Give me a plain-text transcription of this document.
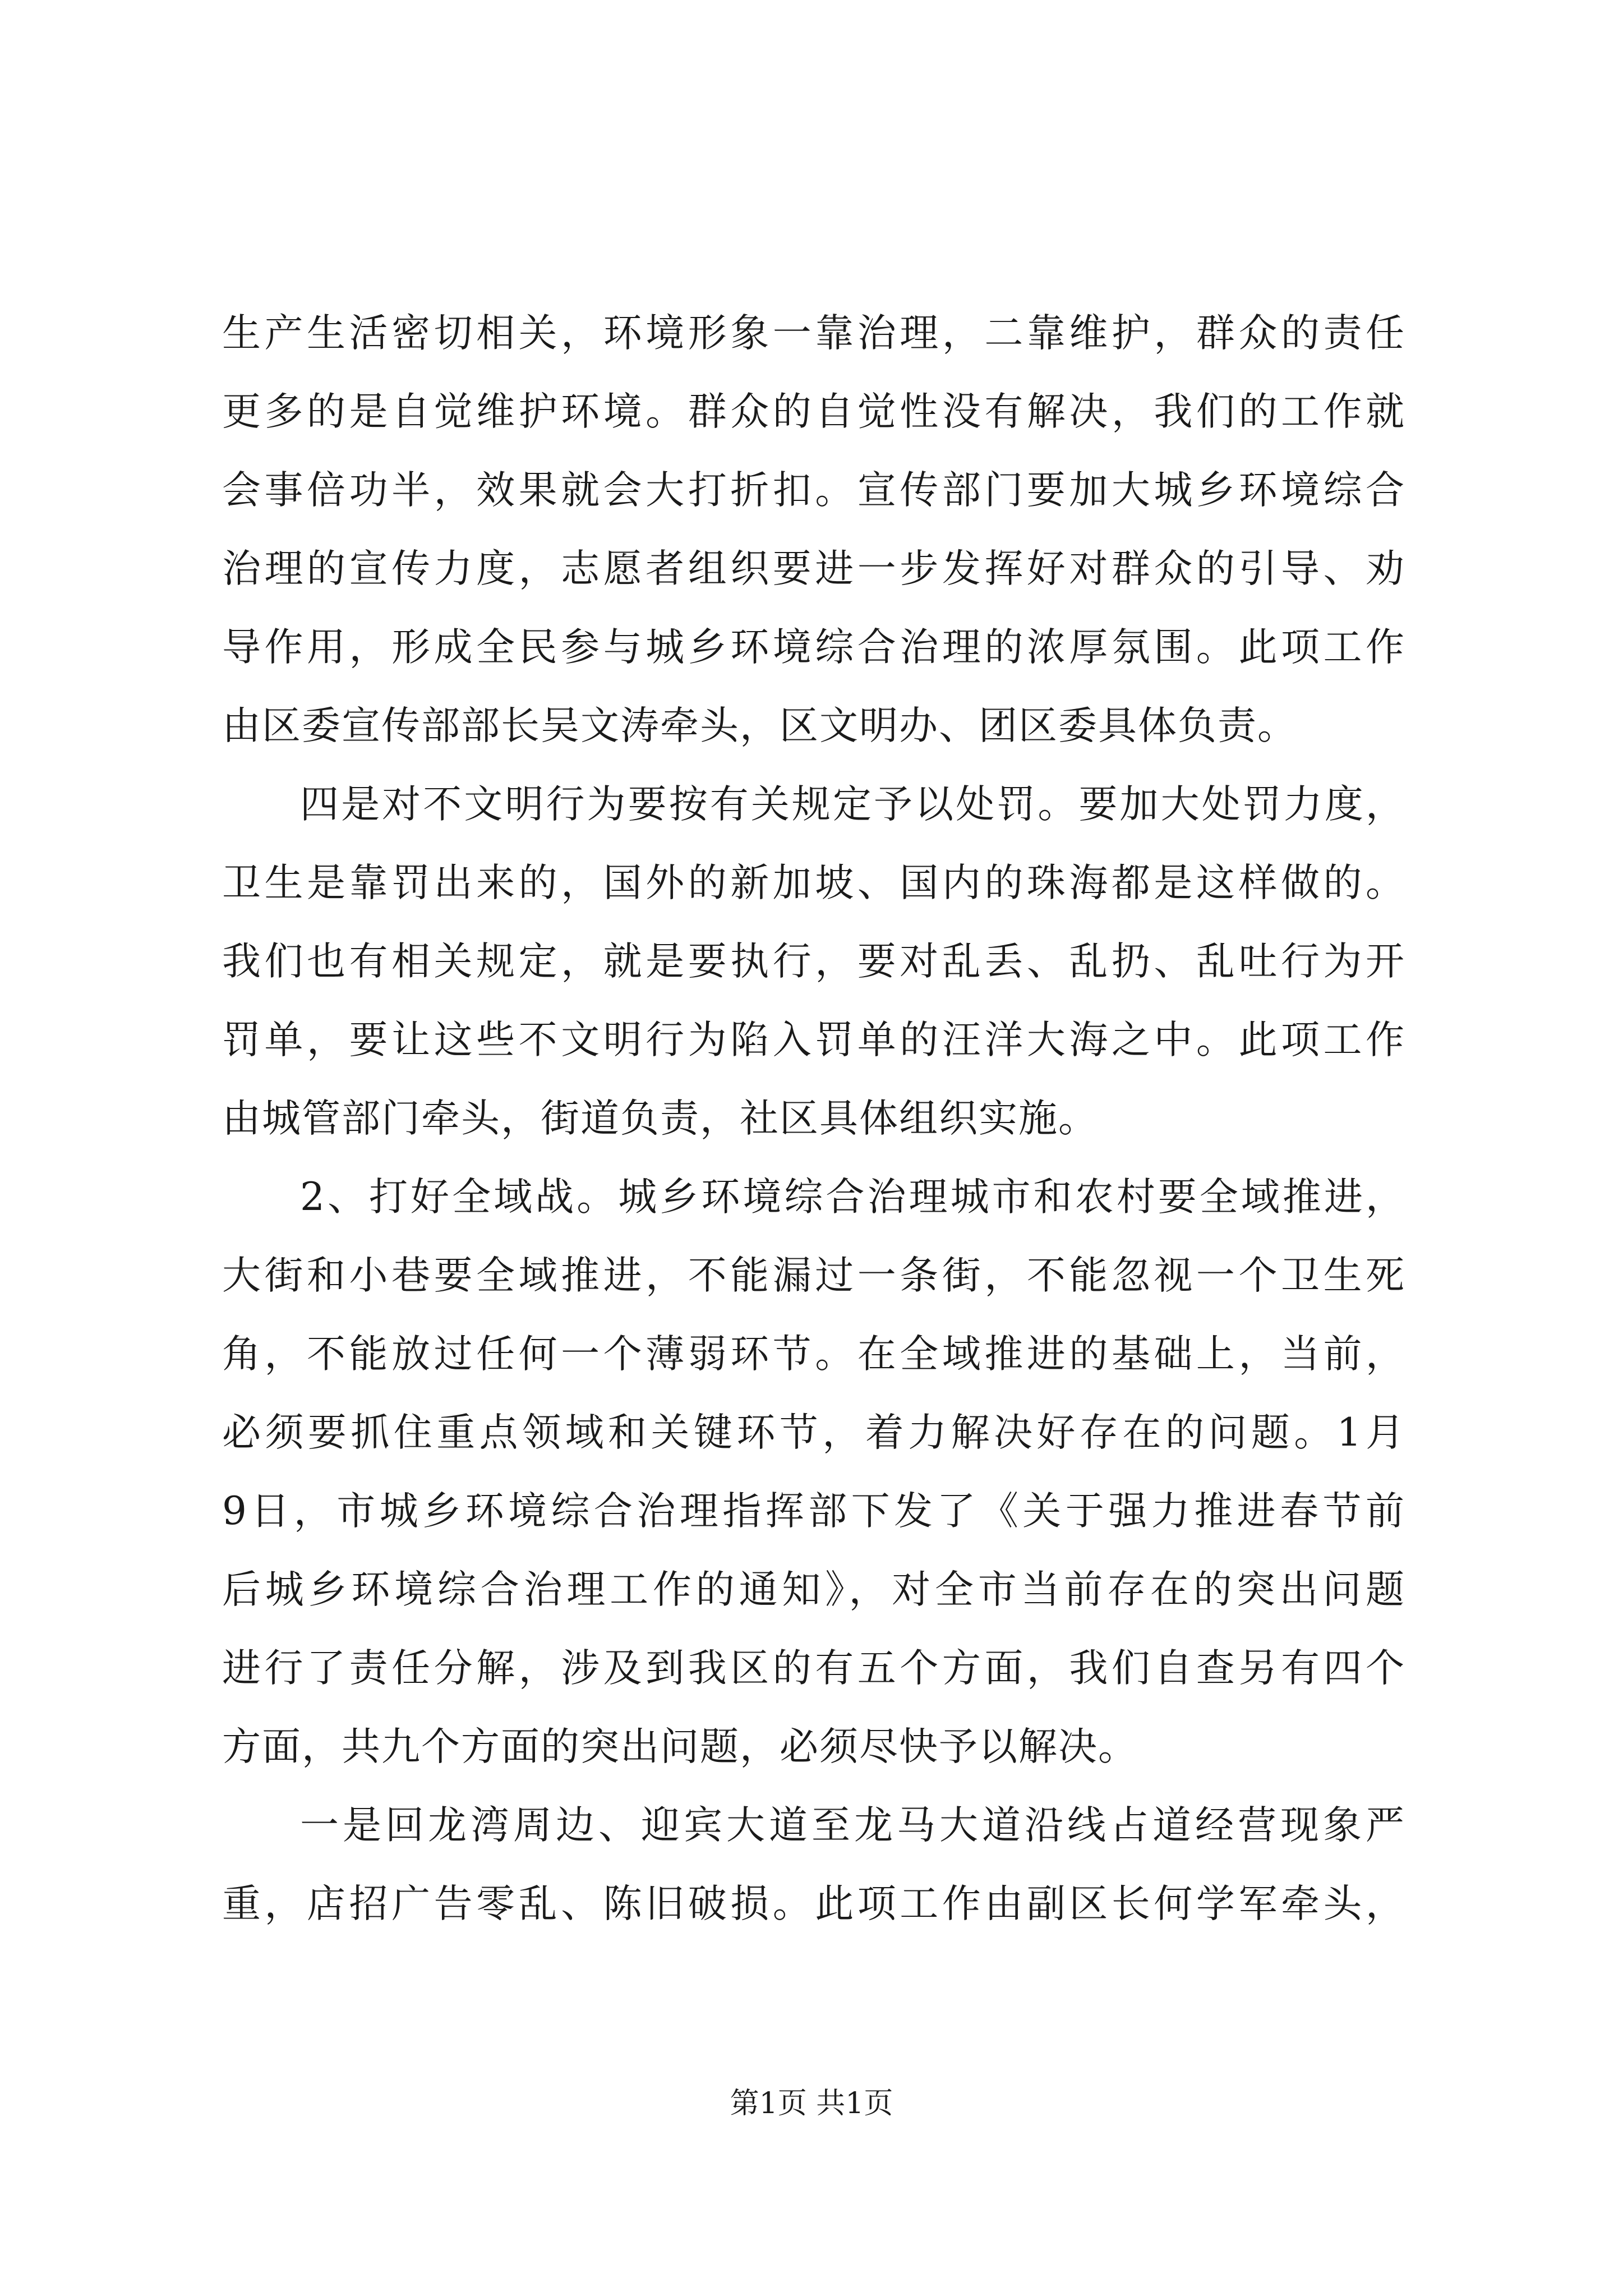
生产生活密切相关，环境形象一靠治理，二靠维护，群众的责任
更多的是自觉维护环境。群众的自觉性没有解决，我们的工作就
会事倍功半，效果就会大打折扣。宣传部门要加大城乡环境综合
治理的宣传力度，志愿者组织要进一步发挥好对群众的引导、劝
导作用，形成全民参与城乡环境综合治理的浓厚氛围。此项工作
由区委宣传部部长吴文涛牵头，区文明办、团区委具体负责。
四是对不文明行为要按有关规定予以处罚。要加大处罚力度，
卫生是靠罚出来的，国外的新加坡、国内的珠海都是这样做的。
我们也有相关规定，就是要执行，要对乱丢、乱扔、乱吐行为开
罚单，要让这些不文明行为陷入罚单的汪洋大海之中。此项工作
由城管部门牵头，街道负责，社区具体组织实施。
2、打好全域战。城乡环境综合治理城市和农村要全域推进，
大街和小巷要全域推进，不能漏过一条街，不能忽视一个卫生死
角，不能放过任何一个薄弱环节。在全域推进的基础上，当前，
必须要抓住重点领域和关键环节，着力解决好存在的问题。1月
9日，市城乡环境综合治理指挥部下发了《关于强力推进春节前
后城乡环境综合治理工作的通知》，对全市当前存在的突出问题
进行了责任分解，涉及到我区的有五个方面，我们自查另有四个
方面，共九个方面的突出问题，必须尽快予以解决。
一是回龙湾周边、迎宾大道至龙马大道沿线占道经营现象严
重，店招广告零乱、陈旧破损。此项工作由副区长何学军牵头，
第1页 共1页
